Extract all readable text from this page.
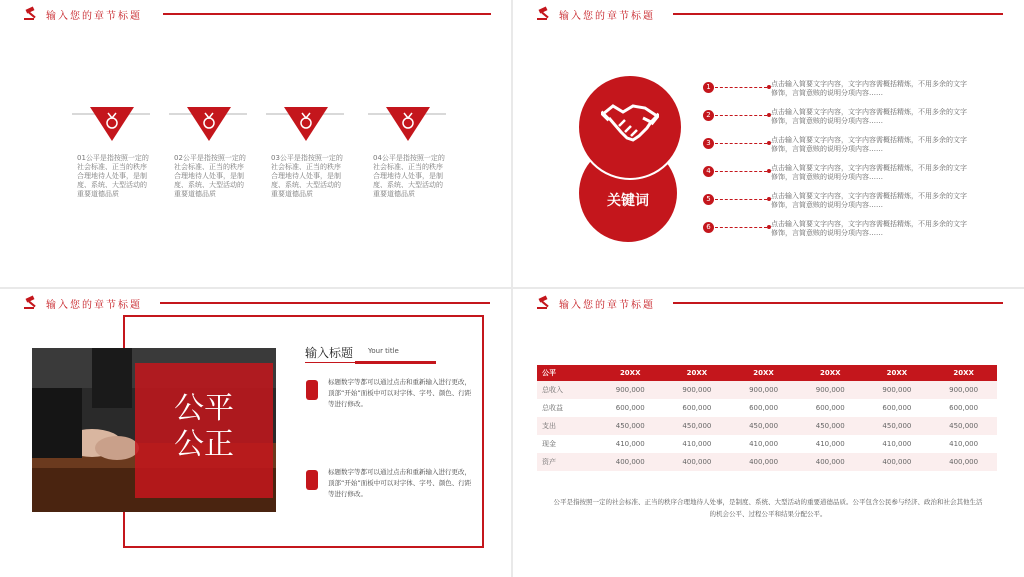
输入您的章节标题
01公平是指按照一定的社会标准、正当的秩序合理地待人处事，是制度、系统、大型活动的重要道德品质
02公平是指按照一定的社会标准、正当的秩序合理地待人处事，是制度、系统、大型活动的重要道德品质
03公平是指按照一定的社会标准、正当的秩序合理地待人处事，是制度、系统、大型活动的重要道德品质
04公平是指按照一定的社会标准、正当的秩序合理地待人处事，是制度、系统、大型活动的重要道德品质
输入您的章节标题
关键词
1	点击输入简要文字内容，文字内容需概括精炼，不用多余的文字修饰，言简意赅的说明分项内容……
2	点击输入简要文字内容，文字内容需概括精炼，不用多余的文字修饰，言简意赅的说明分项内容……
3	点击输入简要文字内容，文字内容需概括精炼，不用多余的文字修饰，言简意赅的说明分项内容……
4	点击输入简要文字内容，文字内容需概括精炼，不用多余的文字修饰，言简意赅的说明分项内容……
5	点击输入简要文字内容，文字内容需概括精炼，不用多余的文字修饰，言简意赅的说明分项内容……
6	点击输入简要文字内容，文字内容需概括精炼，不用多余的文字修饰，言简意赅的说明分项内容……
输入您的章节标题
公平
公正
输入标题 Your title
标题数字等都可以通过点击和重新输入进行更改，顶部“开始”面板中可以对字体、字号、颜色、行距等进行修改。
标题数字等都可以通过点击和重新输入进行更改，顶部“开始”面板中可以对字体、字号、颜色、行距等进行修改。
输入您的章节标题
公平	20XX	20XX	20XX	20XX	20XX	20XX
总收入	900,000	900,000	900,000	900,000	900,000	900,000
总收益	600,000	600,000	600,000	600,000	600,000	600,000
支出	450,000	450,000	450,000	450,000	450,000	450,000
现金	410,000	410,000	410,000	410,000	410,000	410,000
资产	400,000	400,000	400,000	400,000	400,000	400,000
公平是指按照一定的社会标准、正当的秩序合理地待人处事，是制度、系统、大型活动的重要道德品质。公平包含公民参与经济、政治和社会其他生活的机会公平、过程公平和结果分配公平。
